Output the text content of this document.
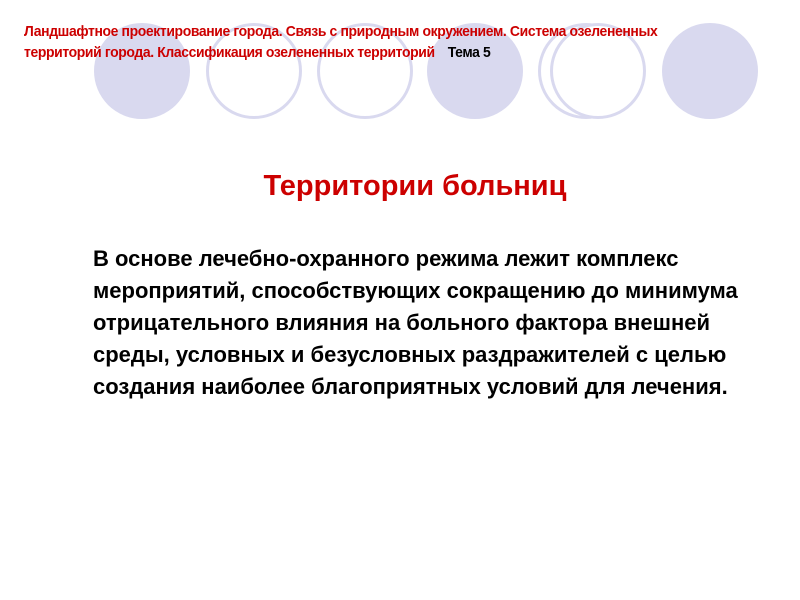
Ландшафтное проектирование города. Связь с природным окружением. Система озелененных территорий города. Классификация озелененных территорий Тема 5
Территории больниц

В основе лечебно-охранного режима лежит комплекс мероприятий, способствующих сокращению до минимума отрицательного влияния на больного фактора внешней среды, условных и безусловных раздражителей с целью создания наиболее благоприятных условий для лечения.
